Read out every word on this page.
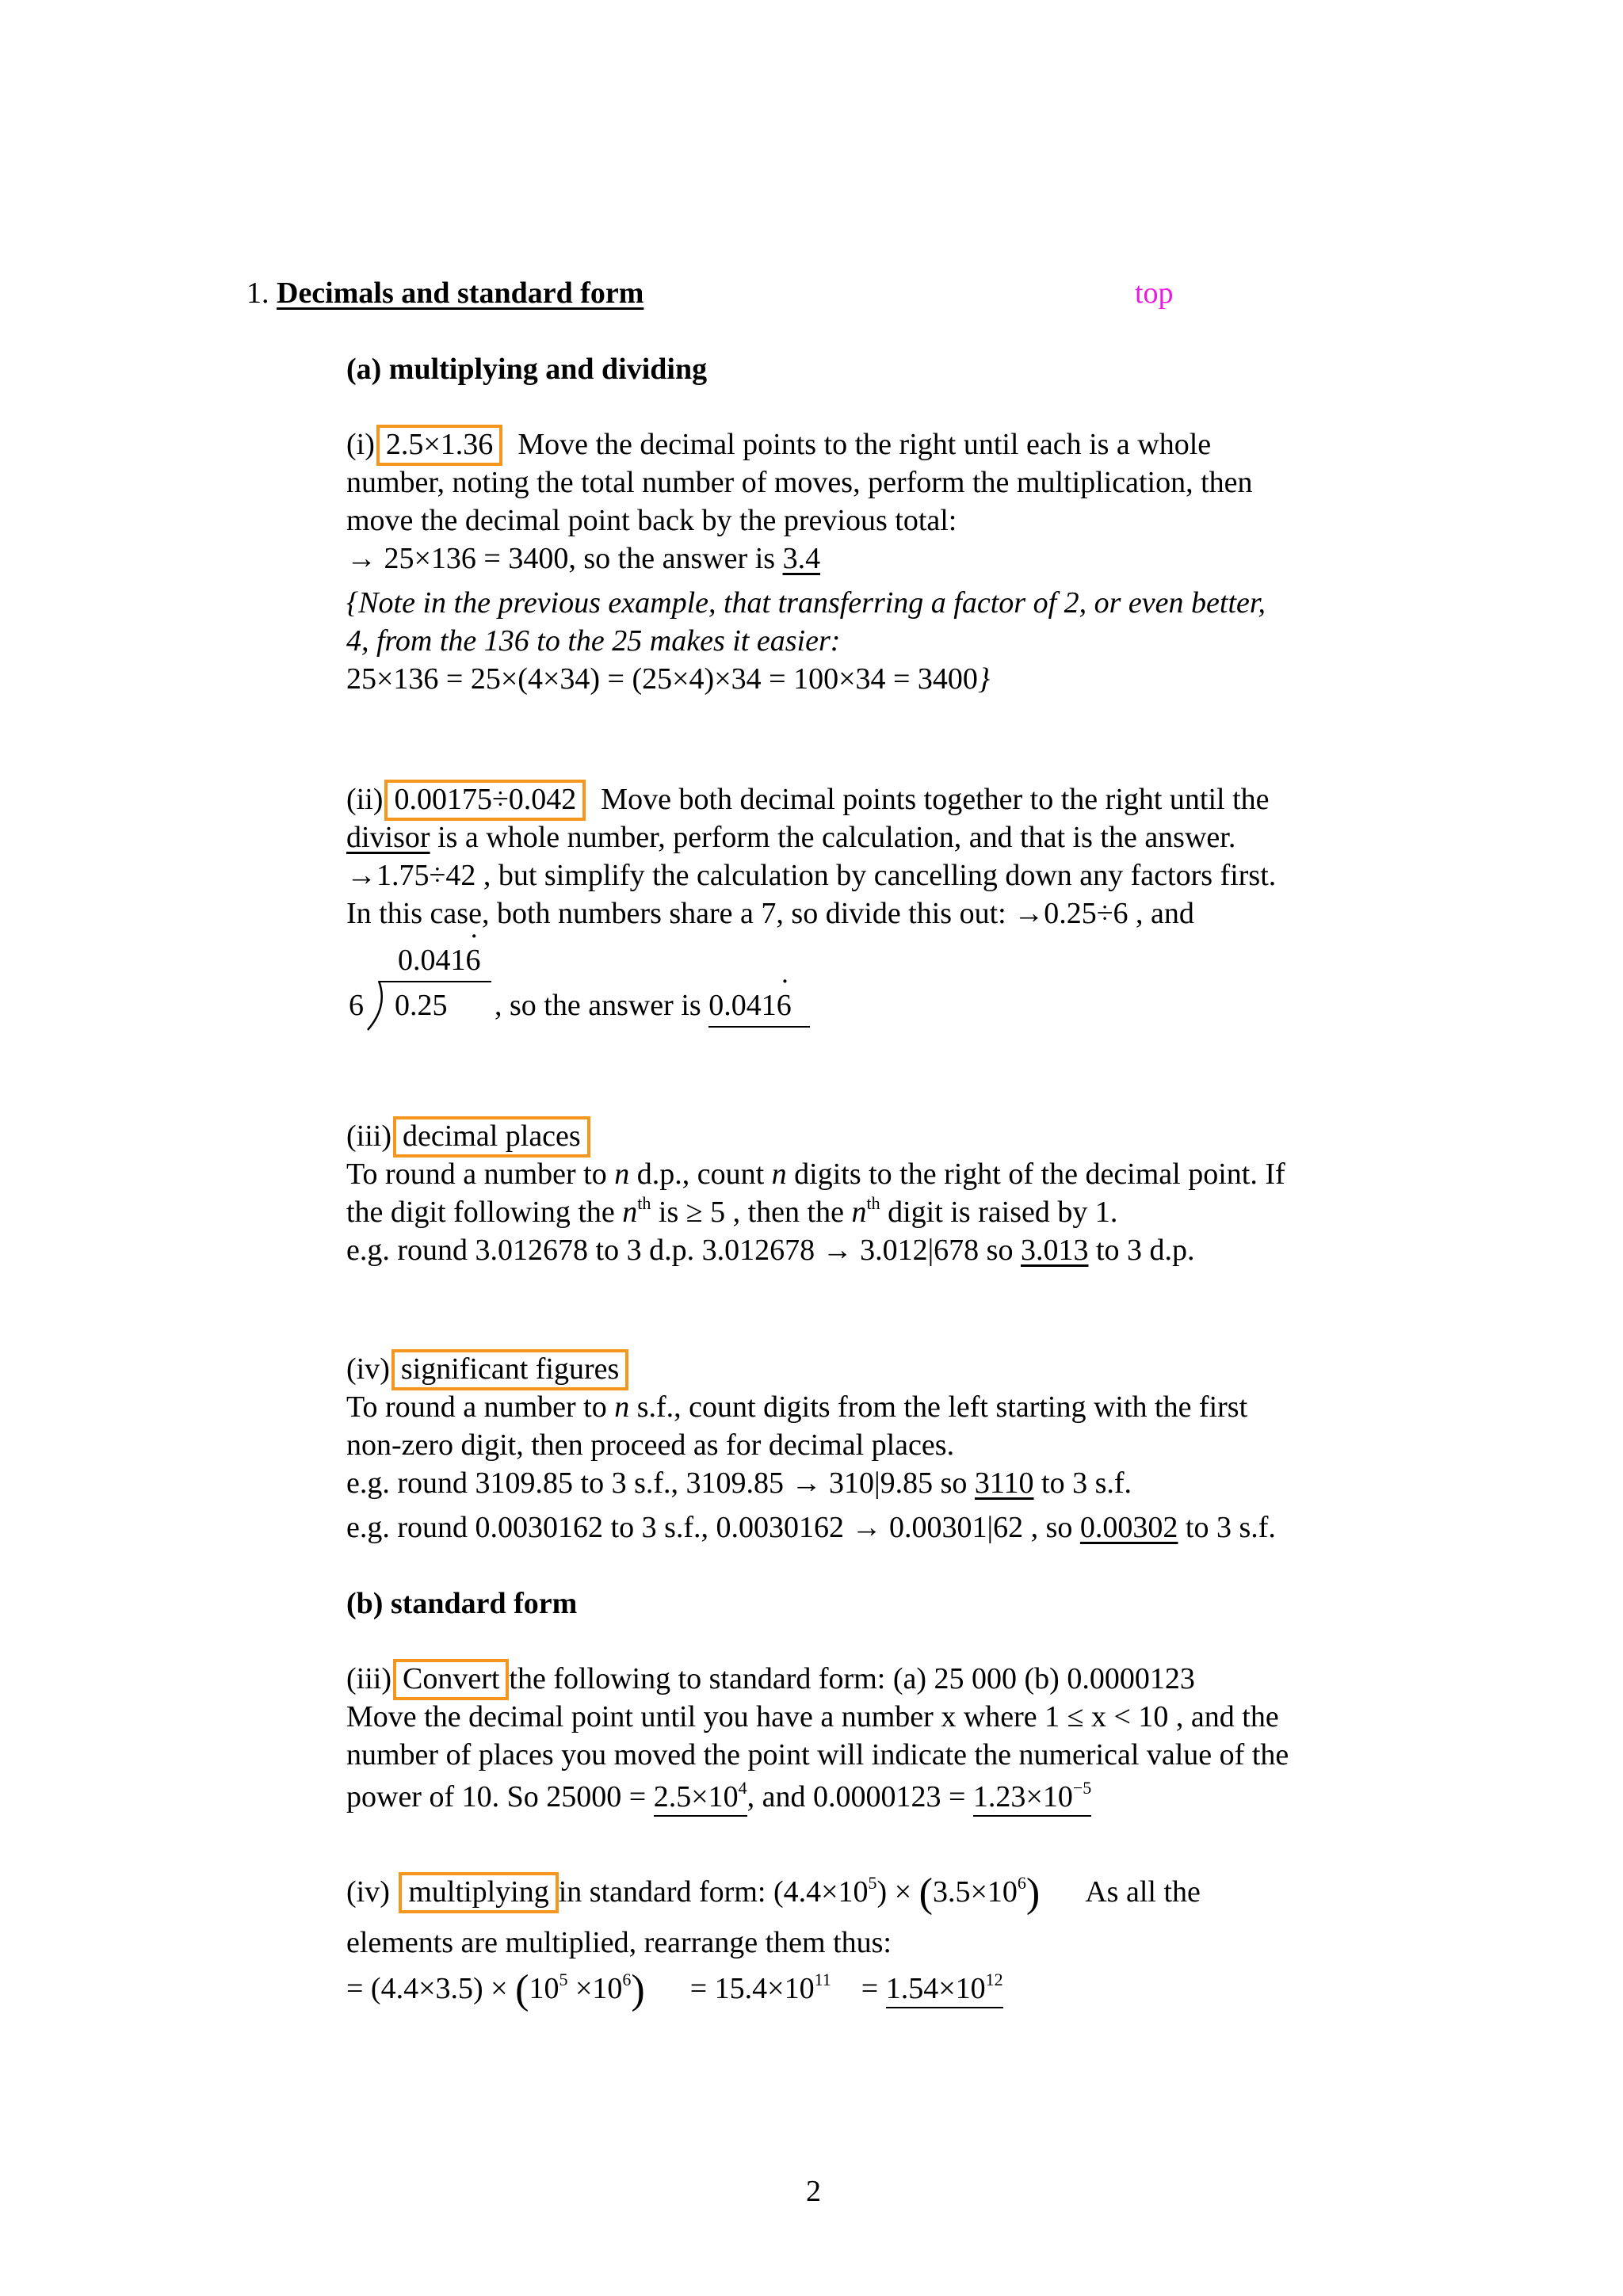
1. Decimals and standard form	top
(a) multiplying and dividing
(i) 2.5×1.36 Move the decimal points to the right until each is a whole
number, noting the total number of moves, perform the multiplication, then
move the decimal point back by the previous total:
→ 25×136 = 3400, so the answer is 3.4
{Note in the previous example, that transferring a factor of 2, or even better,
4, from the 136 to the 25 makes it easier:
25×136 = 25×(4×34) = (25×4)×34 = 100×34 = 3400}
(ii) 0.00175÷0.042 Move both decimal points together to the right until the
divisor is a whole number, perform the calculation, and that is the answer.
→1.75÷42 , but simplify the calculation by cancelling down any factors first.
In this case, both numbers share a 7, so divide this out: →0.25÷6 , and
0.0416 ˙
6 0.25 , so the answer is 0.0416 ˙
(iii) decimal places
To round a number to n d.p., count n digits to the right of the decimal point. If
the digit following the $n^{th}$ is ≥ 5 , then the $n^{th}$ digit is raised by 1.
e.g. round 3.012678 to 3 d.p. 3.012678 → 3.012|678 so 3.013 to 3 d.p.
(iv) significant figures
To round a number to n s.f., count digits from the left starting with the first
non-zero digit, then proceed as for decimal places.
e.g. round 3109.85 to 3 s.f., 3109.85 → 310|9.85 so 3110 to 3 s.f.
e.g. round 0.0030162 to 3 s.f., 0.0030162 → 0.00301|62 , so 0.00302 to 3 s.f.
(b) standard form
(iii) Convert the following to standard form: (a) 25 000 (b) 0.0000123
Move the decimal point until you have a number x where 1 ≤ x < 10 , and the
number of places you moved the point will indicate the numerical value of the
power of 10. So $25000 = 2.5\times 10^4$, and $0.0000123 = 1.23\times 10^{-5}$
(iv) multiplying in standard form: $(4.4\times 10^5) \times (3.5\times 10^6)$ As all the
elements are multiplied, rearrange them thus:
= $(4.4\times 3.5) \times (10^5 \times 10^6) = 15.4\times 10^{11} = 1.54\times 10^{12}$
2
